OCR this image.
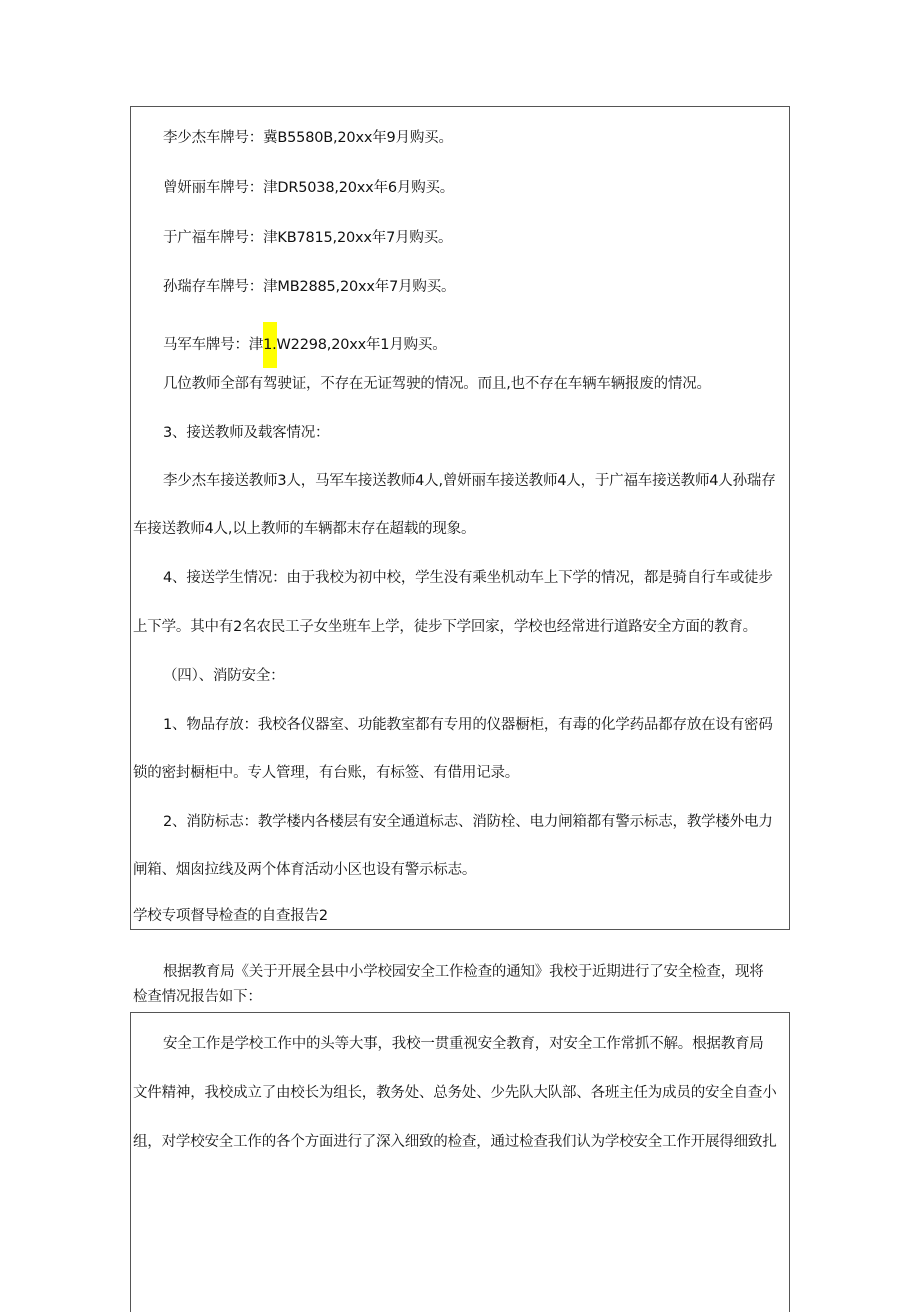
李少杰车牌号：冀B5580B,20xx年9月购买。
曾妍丽车牌号：津DR5038,20xx年6月购买。
于广福车牌号：津KB7815,20xx年7月购买。
孙瑞存车牌号：津MB2885,20xx年7月购买。
马军车牌号：津1.W2298,20xx年1月购买。
几位教师全部有驾驶证，不存在无证驾驶的情况。而且,也不存在车辆车辆报废的情况。
3、接送教师及载客情况：
李少杰车接送教师3人，马军车接送教师4人,曾妍丽车接送教师4人，于广福车接送教师4人孙瑞存
车接送教师4人,以上教师的车辆都末存在超载的现象。
4、接送学生情况：由于我校为初中校，学生没有乘坐机动车上下学的情况，都是骑自行车或徒步
上下学。其中有2名农民工子女坐班车上学，徒步下学回家，学校也经常进行道路安全方面的教育。
（四）、消防安全：
1、物品存放：我校各仪器室、功能教室都有专用的仪器橱柜，有毒的化学药品都存放在设有密码
锁的密封橱柜中。专人管理，有台账，有标签、有借用记录。
2、消防标志：教学楼内各楼层有安全通道标志、消防栓、电力闸箱都有警示标志，教学楼外电力
闸箱、烟囱拉线及两个体育活动小区也设有警示标志。
学校专项督导检查的自查报告2
根据教育局《关于开展全县中小学校园安全工作检查的通知》我校于近期进行了安全检查，现将
检查情况报告如下：
安全工作是学校工作中的头等大事，我校一贯重视安全教育，对安全工作常抓不解。根据教育局
文件精神，我校成立了由校长为组长，教务处、总务处、少先队大队部、各班主任为成员的安全自查小
组，对学校安全工作的各个方面进行了深入细致的检查，通过检查我们认为学校安全工作开展得细致扎
